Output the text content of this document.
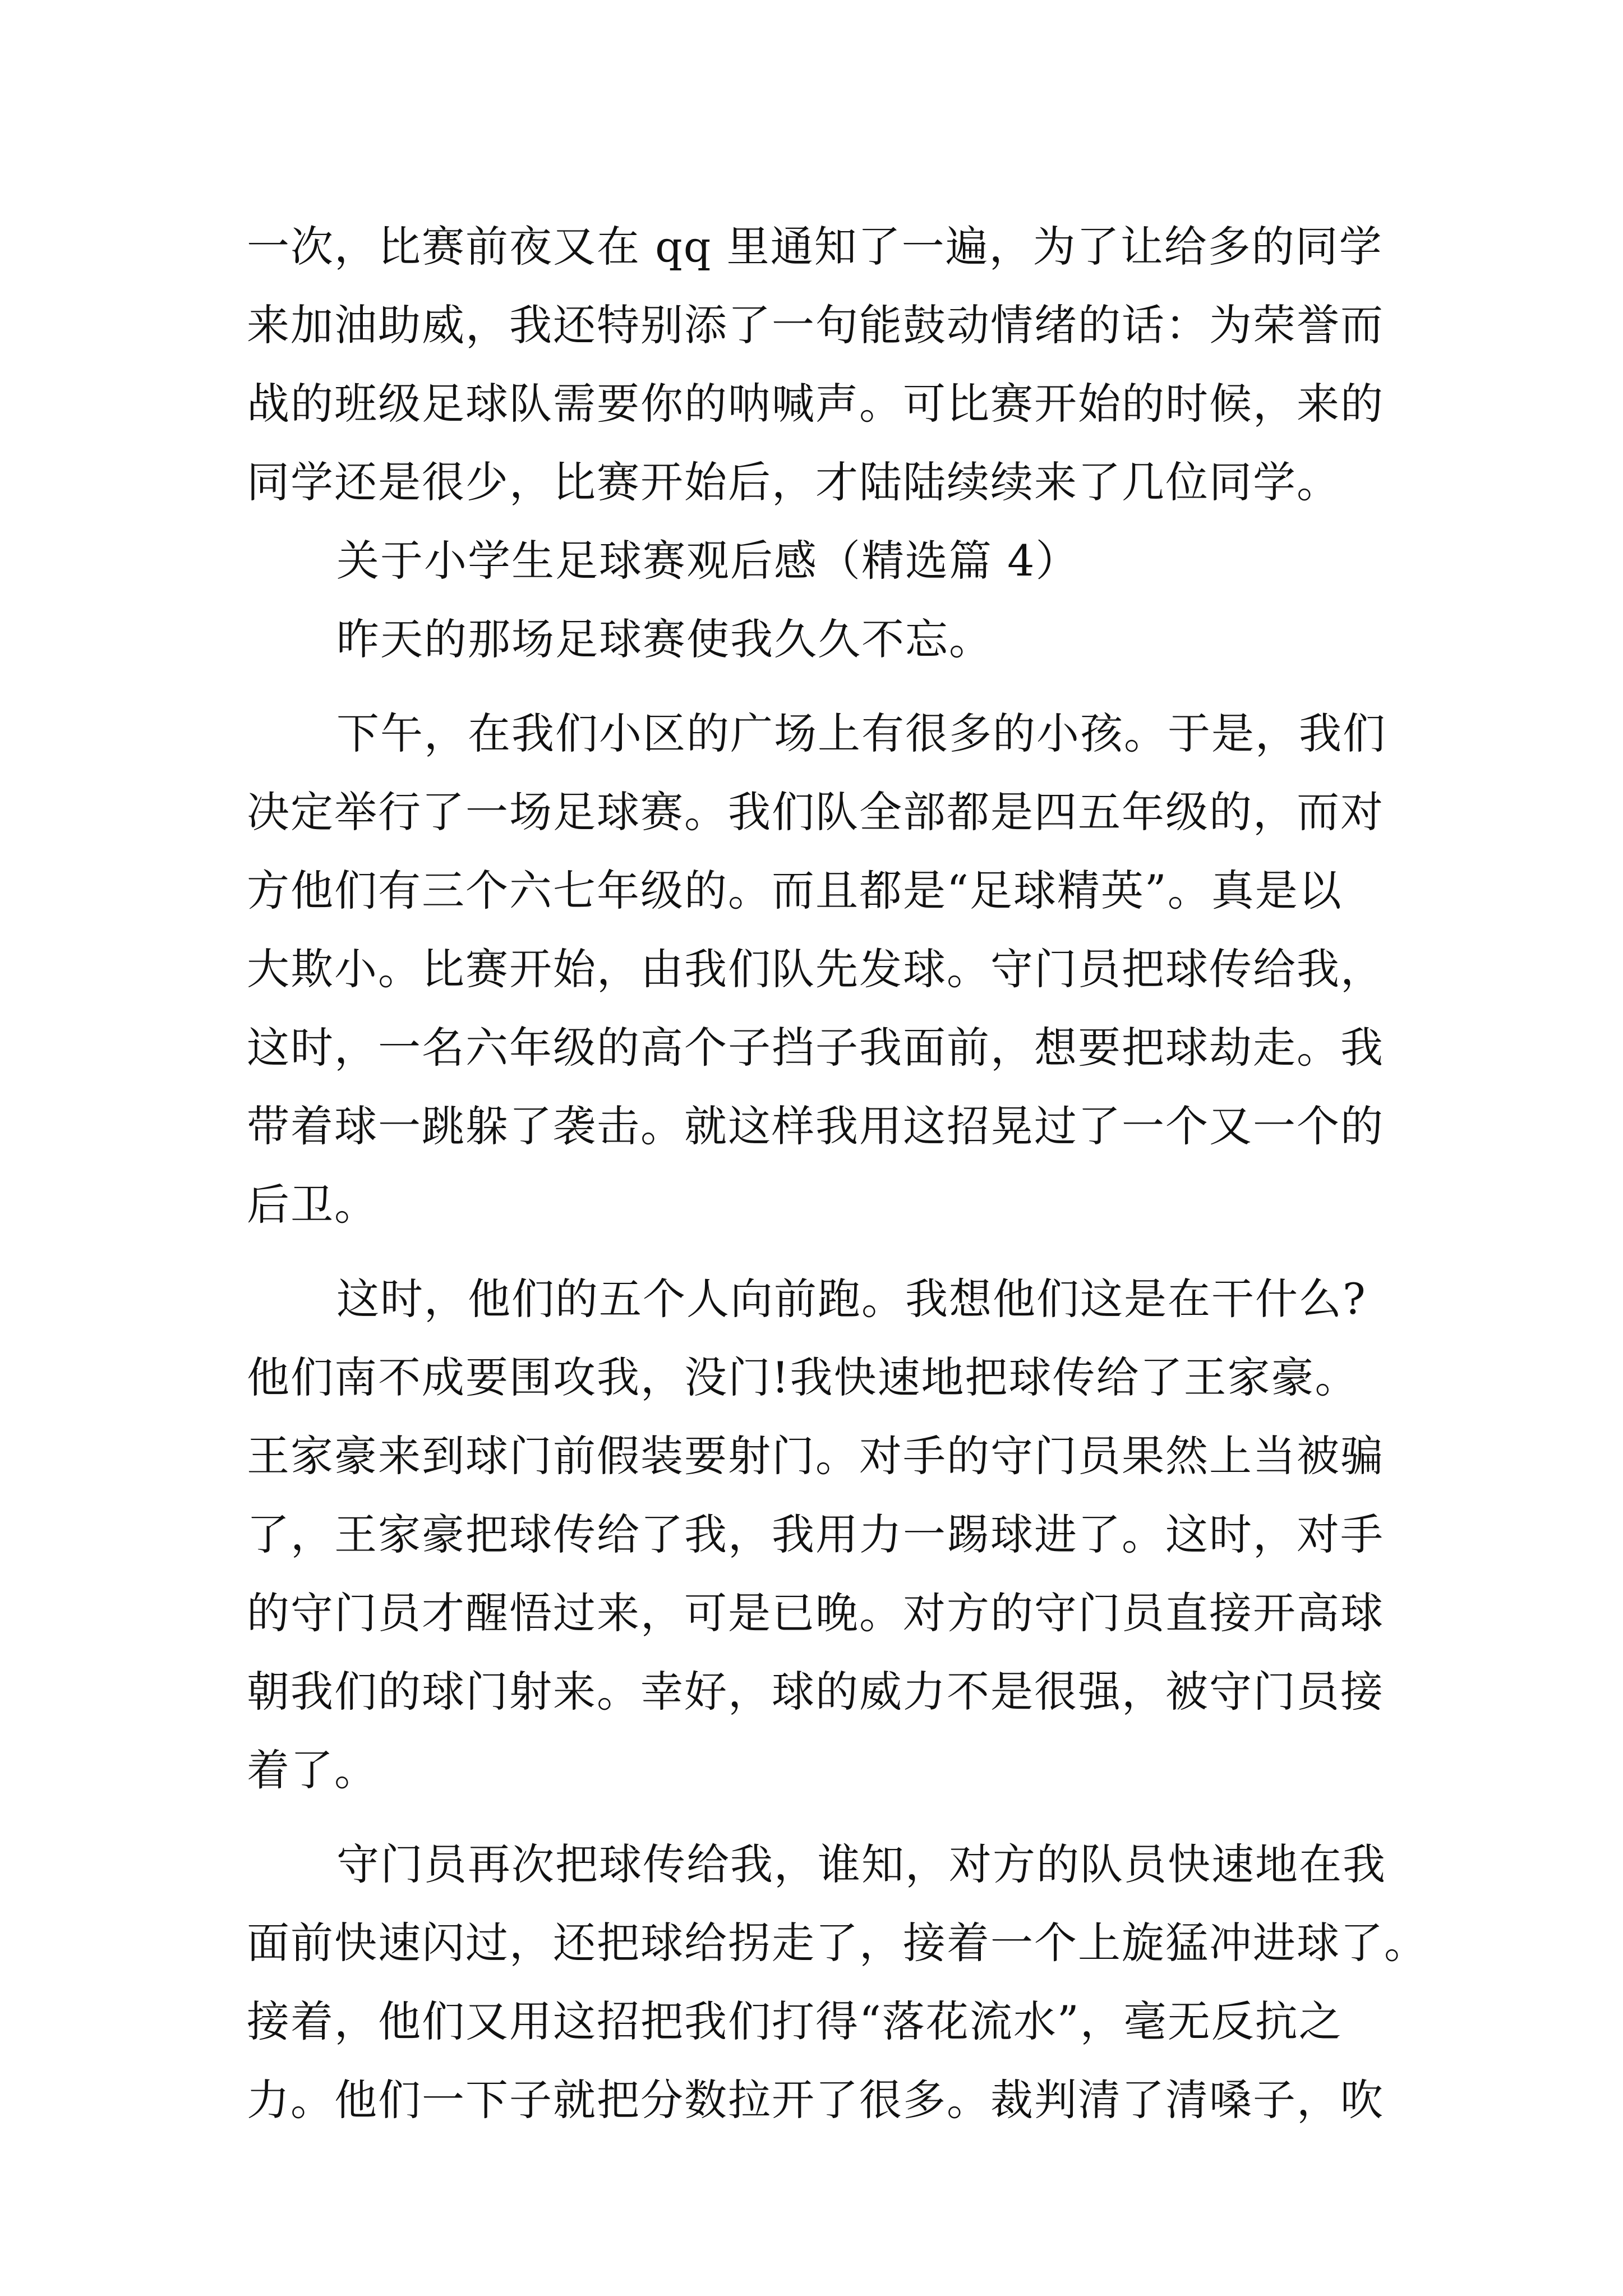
一次，比赛前夜又在 qq 里通知了一遍，为了让给多的同学
来加油助威，我还特别添了一句能鼓动情绪的话：为荣誉而
战的班级足球队需要你的呐喊声。可比赛开始的时候，来的
同学还是很少，比赛开始后，才陆陆续续来了几位同学。
关于小学生足球赛观后感（精选篇 4）
昨天的那场足球赛使我久久不忘。
下午，在我们小区的广场上有很多的小孩。于是，我们
决定举行了一场足球赛。我们队全部都是四五年级的，而对
方他们有三个六七年级的。而且都是“足球精英”。真是以
大欺小。比赛开始，由我们队先发球。守门员把球传给我，
这时，一名六年级的高个子挡子我面前，想要把球劫走。我
带着球一跳躲了袭击。就这样我用这招晃过了一个又一个的
后卫。
这时，他们的五个人向前跑。我想他们这是在干什么?
他们南不成要围攻我，没门!我快速地把球传给了王家豪。
王家豪来到球门前假装要射门。对手的守门员果然上当被骗
了，王家豪把球传给了我，我用力一踢球进了。这时，对手
的守门员才醒悟过来，可是已晚。对方的守门员直接开高球
朝我们的球门射来。幸好，球的威力不是很强，被守门员接
着了。
守门员再次把球传给我，谁知，对方的队员快速地在我
面前快速闪过，还把球给拐走了，接着一个上旋猛冲进球了。
接着，他们又用这招把我们打得“落花流水”，毫无反抗之
力。他们一下子就把分数拉开了很多。裁判清了清嗓子，吹
